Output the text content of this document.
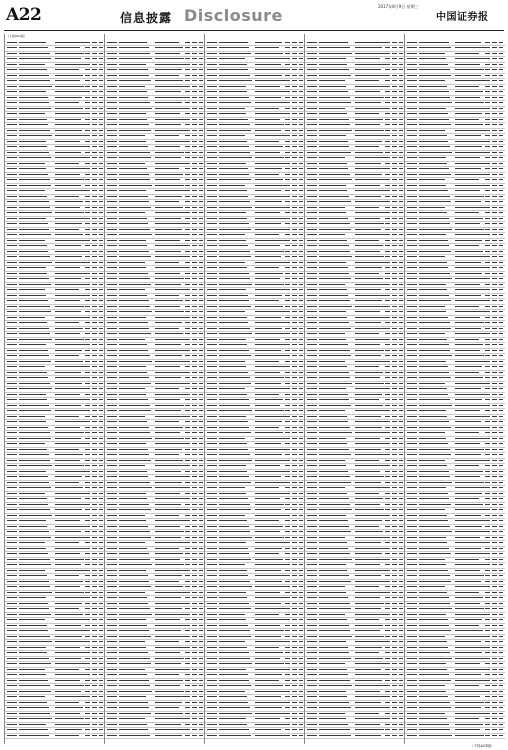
A22	信息披露 Disclosure	2017年8月9日 星期三
中国证券报
（上接A21版）
（下转A23版）
